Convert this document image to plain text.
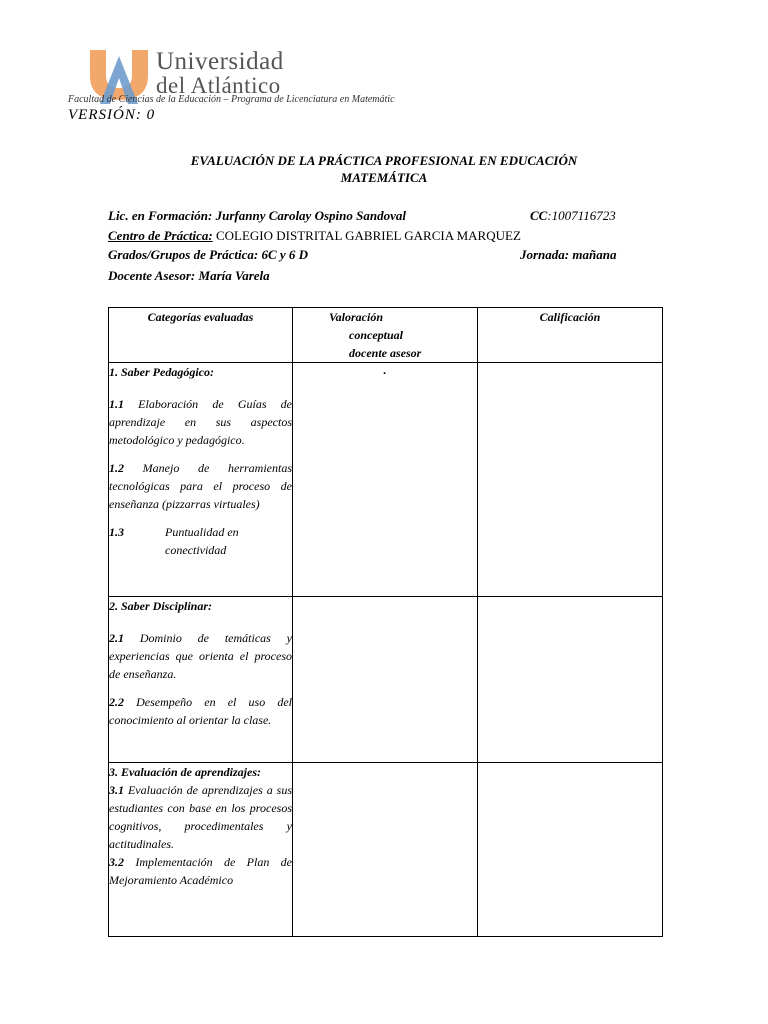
Universidad
del Atlántico
Facultad de Ciencias de la Educación – Programa de Licenciatura en Matemátic
VERSIÓN: 0
EVALUACIÓN DE LA PRÁCTICA PROFESIONAL EN EDUCACIÓN
MATEMÁTICA
Lic. en Formación: Jurfanny Carolay Ospino Sandoval	CC:1007116723
Centro de Práctica: COLEGIO DISTRITAL GABRIEL GARCIA MARQUEZ
Grados/Grupos de Práctica: 6C y 6 D	Jornada: mañana
Docente Asesor: María Varela
Categorías evaluadas	Valoración
conceptual
docente asesor	Calificación

1. Saber Pedagógico:
1.1 Elaboración de Guías de aprendizaje en sus aspectos metodológico y pedagógico.
1.2 Manejo de herramientas tecnológicas para el proceso de enseñanza (pizzarras virtuales)
1.3 Puntualidad en conectividad	.	

2. Saber Disciplinar:
2.1 Dominio de temáticas y experiencias que orienta el proceso de enseñanza.
2.2 Desempeño en el uso del conocimiento al orientar la clase.		

3. Evaluación de aprendizajes:
3.1 Evaluación de aprendizajes a sus estudiantes con base en los procesos cognitivos, procedimentales y actitudinales.
3.2 Implementación de Plan de Mejoramiento Académico		
